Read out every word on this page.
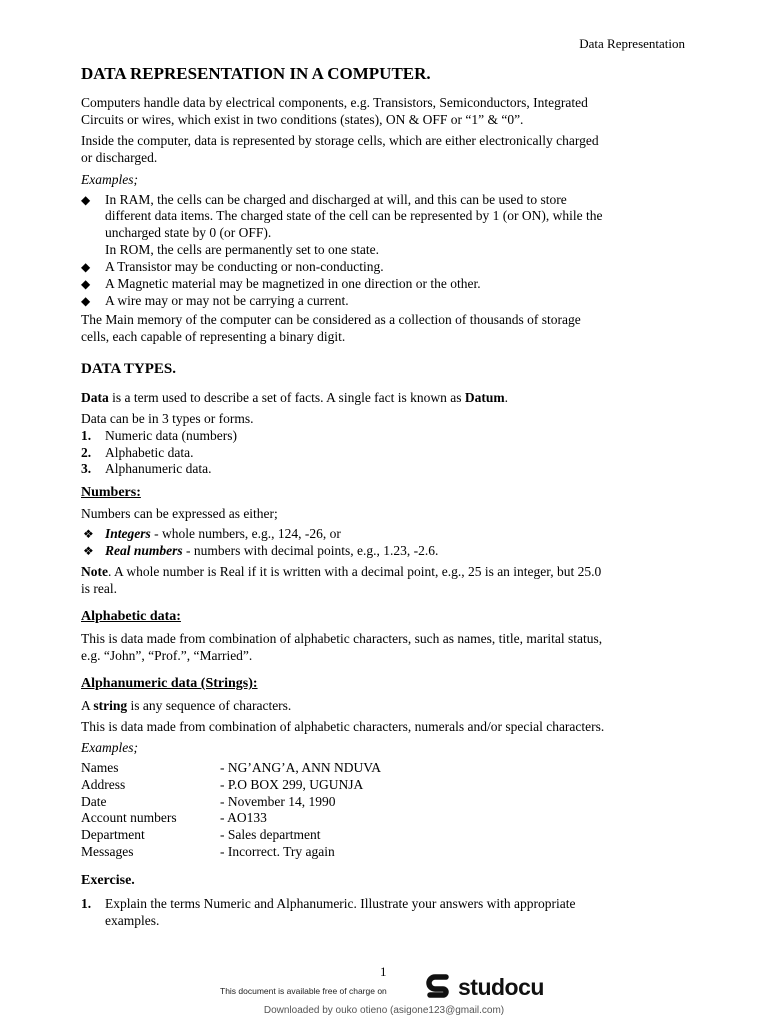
Data Representation
DATA REPRESENTATION IN A COMPUTER.
Computers handle data by electrical components, e.g. Transistors, Semiconductors, Integrated
Circuits or wires, which exist in two conditions (states), ON & OFF or “1” & “0”.
Inside the computer, data is represented by storage cells, which are either electronically charged
or discharged.
Examples;
◆ In RAM, the cells can be charged and discharged at will, and this can be used to store
different data items. The charged state of the cell can be represented by 1 (or ON), while the
uncharged state by 0 (or OFF).
In ROM, the cells are permanently set to one state.
◆ A Transistor may be conducting or non-conducting.
◆ A Magnetic material may be magnetized in one direction or the other.
◆ A wire may or may not be carrying a current.
The Main memory of the computer can be considered as a collection of thousands of storage
cells, each capable of representing a binary digit.
DATA TYPES.
Data is a term used to describe a set of facts. A single fact is known as Datum.
Data can be in 3 types or forms.
1. Numeric data (numbers)
2. Alphabetic data.
3. Alphanumeric data.
Numbers:
Numbers can be expressed as either;
❖ Integers - whole numbers, e.g., 124, -26, or
❖ Real numbers - numbers with decimal points, e.g., 1.23, -2.6.
Note. A whole number is Real if it is written with a decimal point, e.g., 25 is an integer, but 25.0
is real.
Alphabetic data:
This is data made from combination of alphabetic characters, such as names, title, marital status,
e.g. “John”, “Prof.”, “Married”.
Alphanumeric data (Strings):
A string is any sequence of characters.
This is data made from combination of alphabetic characters, numerals and/or special characters.
Examples;
Names	- NG’ANG’A, ANN NDUVA
Address	- P.O BOX 299, UGUNJA
Date	- November 14, 1990
Account numbers	- AO133
Department	- Sales department
Messages	- Incorrect. Try again
Exercise.
1. Explain the terms Numeric and Alphanumeric. Illustrate your answers with appropriate
examples.
1
This document is available free of charge on	studocu
Downloaded by ouko otieno (asigone123@gmail.com)
